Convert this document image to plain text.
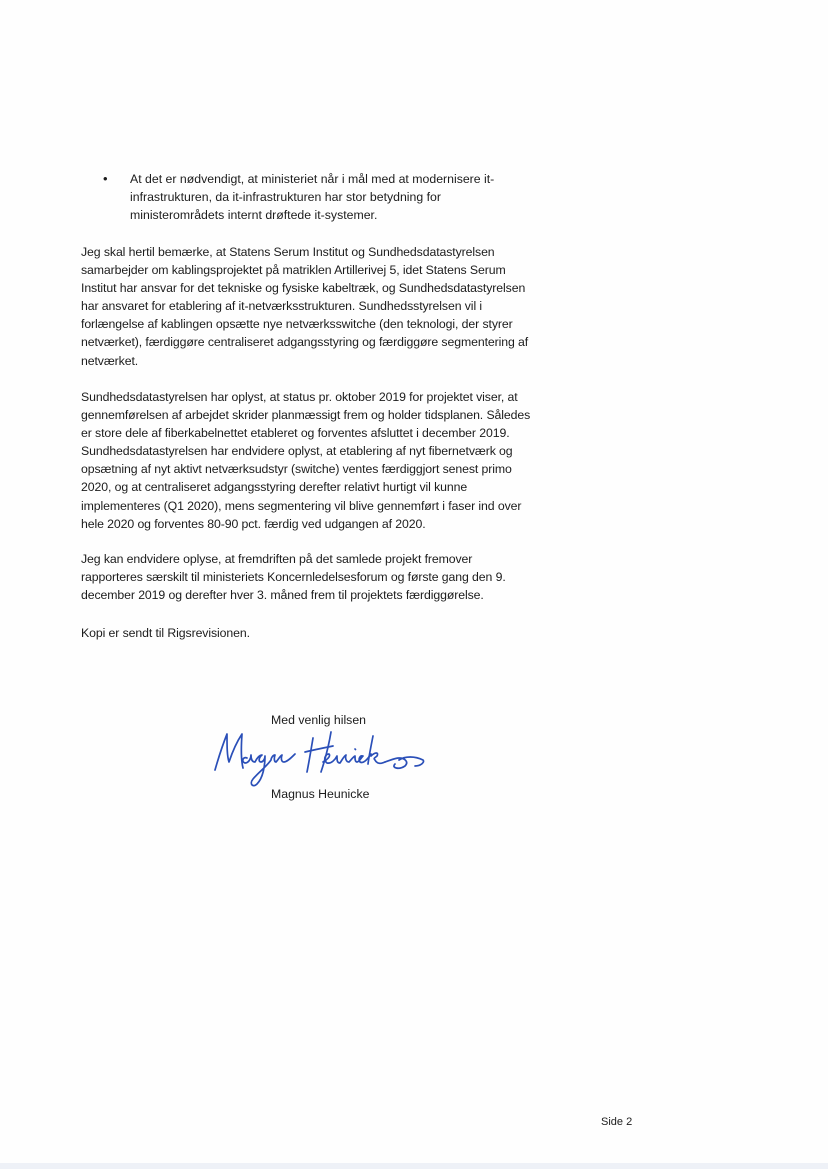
•	At det er nødvendigt, at ministeriet når i mål med at modernisere it-
infrastrukturen, da it-infrastrukturen har stor betydning for
ministerområdets internt drøftede it-systemer.
Jeg skal hertil bemærke, at Statens Serum Institut og Sundhedsdatastyrelsen
samarbejder om kablingsprojektet på matriklen Artillerivej 5, idet Statens Serum
Institut har ansvar for det tekniske og fysiske kabeltræk, og Sundhedsdatastyrelsen
har ansvaret for etablering af it-netværksstrukturen. Sundhedsstyrelsen vil i
forlængelse af kablingen opsætte nye netværksswitche (den teknologi, der styrer
netværket), færdiggøre centraliseret adgangsstyring og færdiggøre segmentering af
netværket.
Sundhedsdatastyrelsen har oplyst, at status pr. oktober 2019 for projektet viser, at
gennemførelsen af arbejdet skrider planmæssigt frem og holder tidsplanen. Således
er store dele af fiberkabelnettet etableret og forventes afsluttet i december 2019.
Sundhedsdatastyrelsen har endvidere oplyst, at etablering af nyt fibernetværk og
opsætning af nyt aktivt netværksudstyr (switche) ventes færdiggjort senest primo
2020, og at centraliseret adgangsstyring derefter relativt hurtigt vil kunne
implementeres (Q1 2020), mens segmentering vil blive gennemført i faser ind over
hele 2020 og forventes 80-90 pct. færdig ved udgangen af 2020.
Jeg kan endvidere oplyse, at fremdriften på det samlede projekt fremover
rapporteres særskilt til ministeriets Koncernledelsesforum og første gang den 9.
december 2019 og derefter hver 3. måned frem til projektets færdiggørelse.
Kopi er sendt til Rigsrevisionen.
Med venlig hilsen
Magnus Heunicke
Side 2
